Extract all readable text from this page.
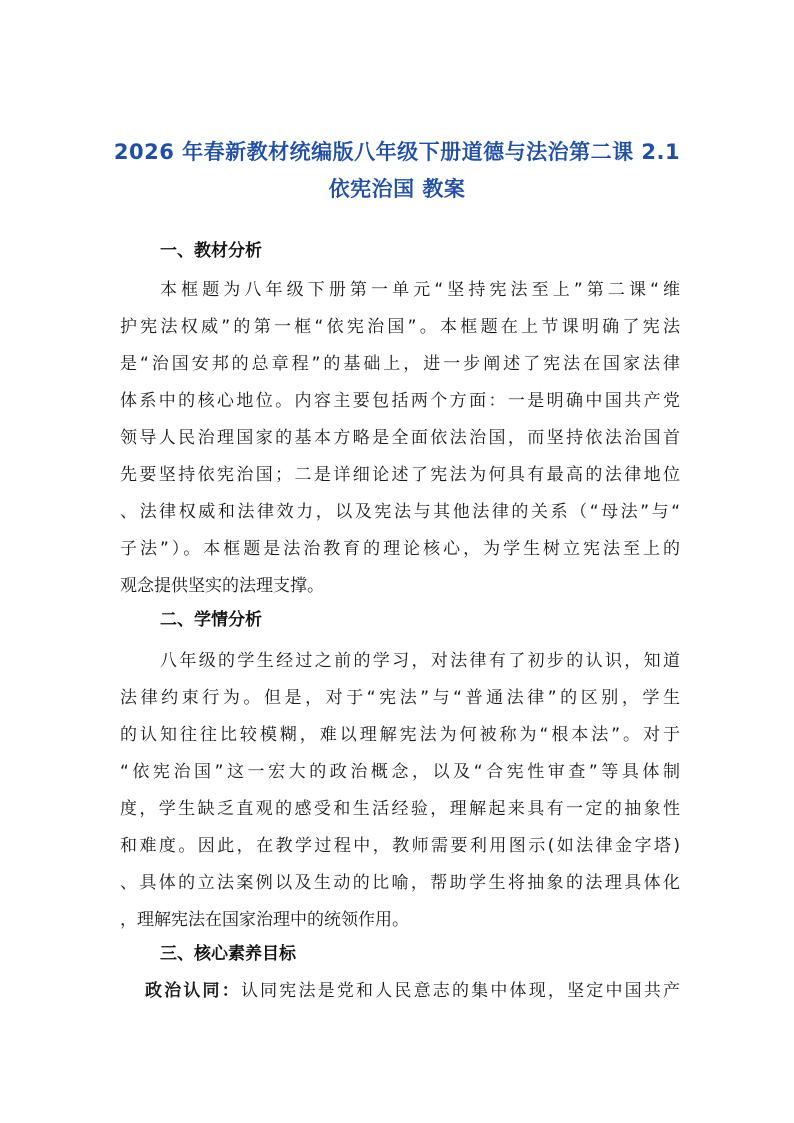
2026 年春新教材统编版八年级下册道德与法治第二课 2.1
依宪治国 教案
一、教材分析
本框题为八年级下册第一单元“坚持宪法至上”第二课“维
护宪法权威”的第一框“依宪治国”。本框题在上节课明确了宪法
是“治国安邦的总章程”的基础上，进一步阐述了宪法在国家法律
体系中的核心地位。内容主要包括两个方面：一是明确中国共产党
领导人民治理国家的基本方略是全面依法治国，而坚持依法治国首
先要坚持依宪治国；二是详细论述了宪法为何具有最高的法律地位
、法律权威和法律效力，以及宪法与其他法律的关系（“母法”与“
子法”）。本框题是法治教育的理论核心，为学生树立宪法至上的
观念提供坚实的法理支撑。
二、学情分析
八年级的学生经过之前的学习，对法律有了初步的认识，知道
法律约束行为。但是，对于“宪法”与“普通法律”的区别，学生
的认知往往比较模糊，难以理解宪法为何被称为“根本法”。对于
“依宪治国”这一宏大的政治概念，以及“合宪性审查”等具体制
度，学生缺乏直观的感受和生活经验，理解起来具有一定的抽象性
和难度。因此，在教学过程中，教师需要利用图示(如法律金字塔)
、具体的立法案例以及生动的比喻，帮助学生将抽象的法理具体化
，理解宪法在国家治理中的统领作用。
三、核心素养目标
政治认同：认同宪法是党和人民意志的集中体现，坚定中国共产
